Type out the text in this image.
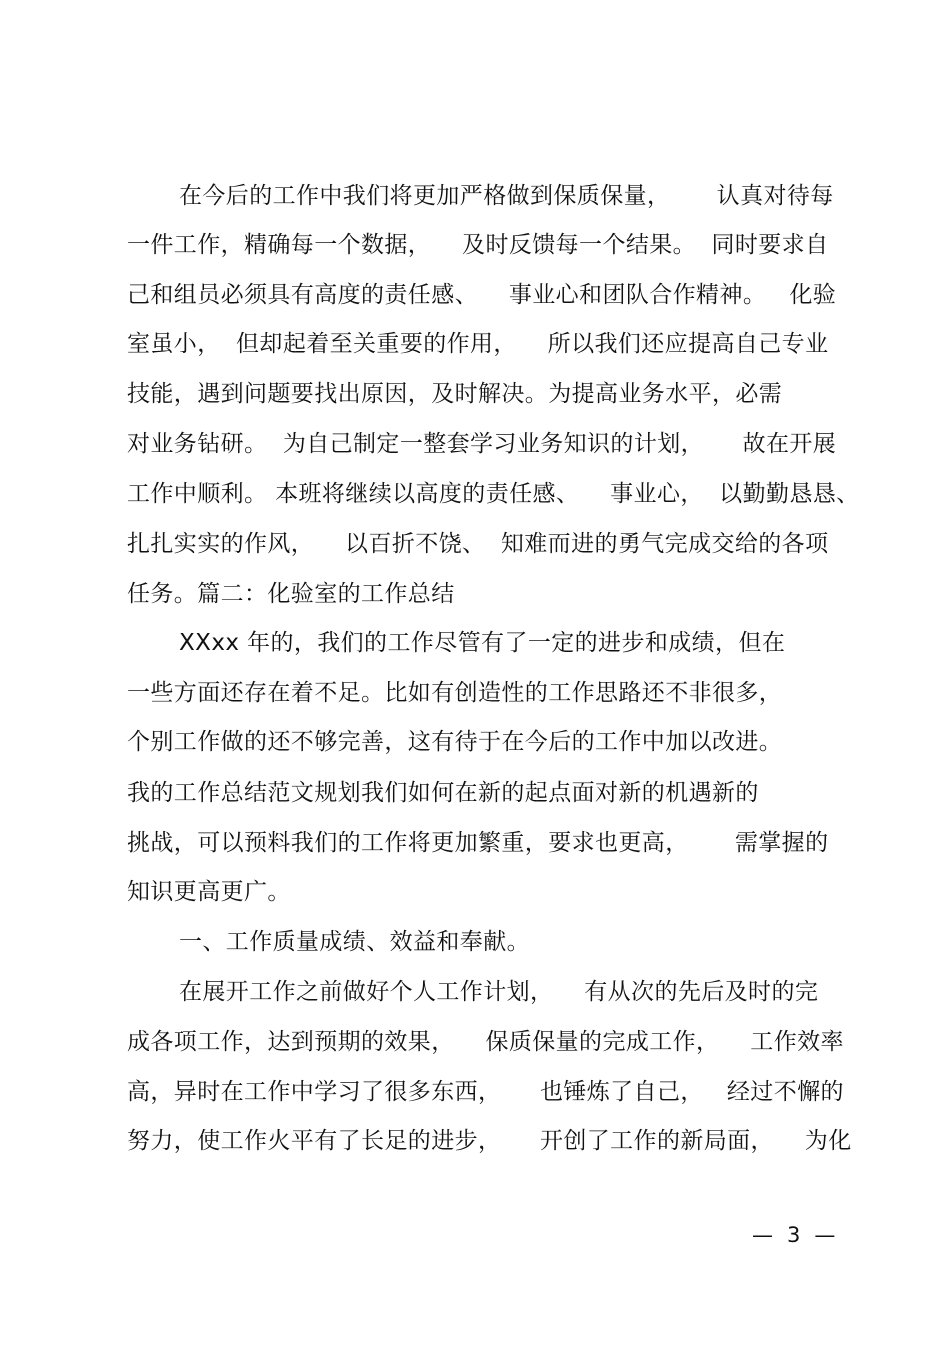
在今后的工作中我们将更加严格做到保质保量，      认真对待每
一件工作，精确每一个数据，    及时反馈每一个结果。  同时要求自
己和组员必须具有高度的责任感、    事业心和团队合作精神。   化验
室虽小，  但却起着至关重要的作用，    所以我们还应提高自己专业
技能，遇到问题要找出原因，及时解决。为提高业务水平，必需
对业务钻研。  为自己制定一整套学习业务知识的计划，     故在开展
工作中顺利。 本班将继续以高度的责任感、    事业心，  以勤勤恳恳、
扎扎实实的作风，    以百折不饶、  知难而进的勇气完成交给的各项
任务。篇二：化验室的工作总结
XXxx 年的，我们的工作尽管有了一定的进步和成绩，但在
一些方面还存在着不足。比如有创造性的工作思路还不非很多，
个别工作做的还不够完善，这有待于在今后的工作中加以改进。
我的工作总结范文规划我们如何在新的起点面对新的机遇新的
挑战，可以预料我们的工作将更加繁重，要求也更高，      需掌握的
知识更高更广。
一、工作质量成绩、效益和奉献。
在展开工作之前做好个人工作计划，    有从次的先后及时的完
成各项工作，达到预期的效果，    保质保量的完成工作，    工作效率
高，异时在工作中学习了很多东西，     也锤炼了自己，   经过不懈的
努力，使工作火平有了长足的进步，     开创了工作的新局面，    为化
— 3 —
